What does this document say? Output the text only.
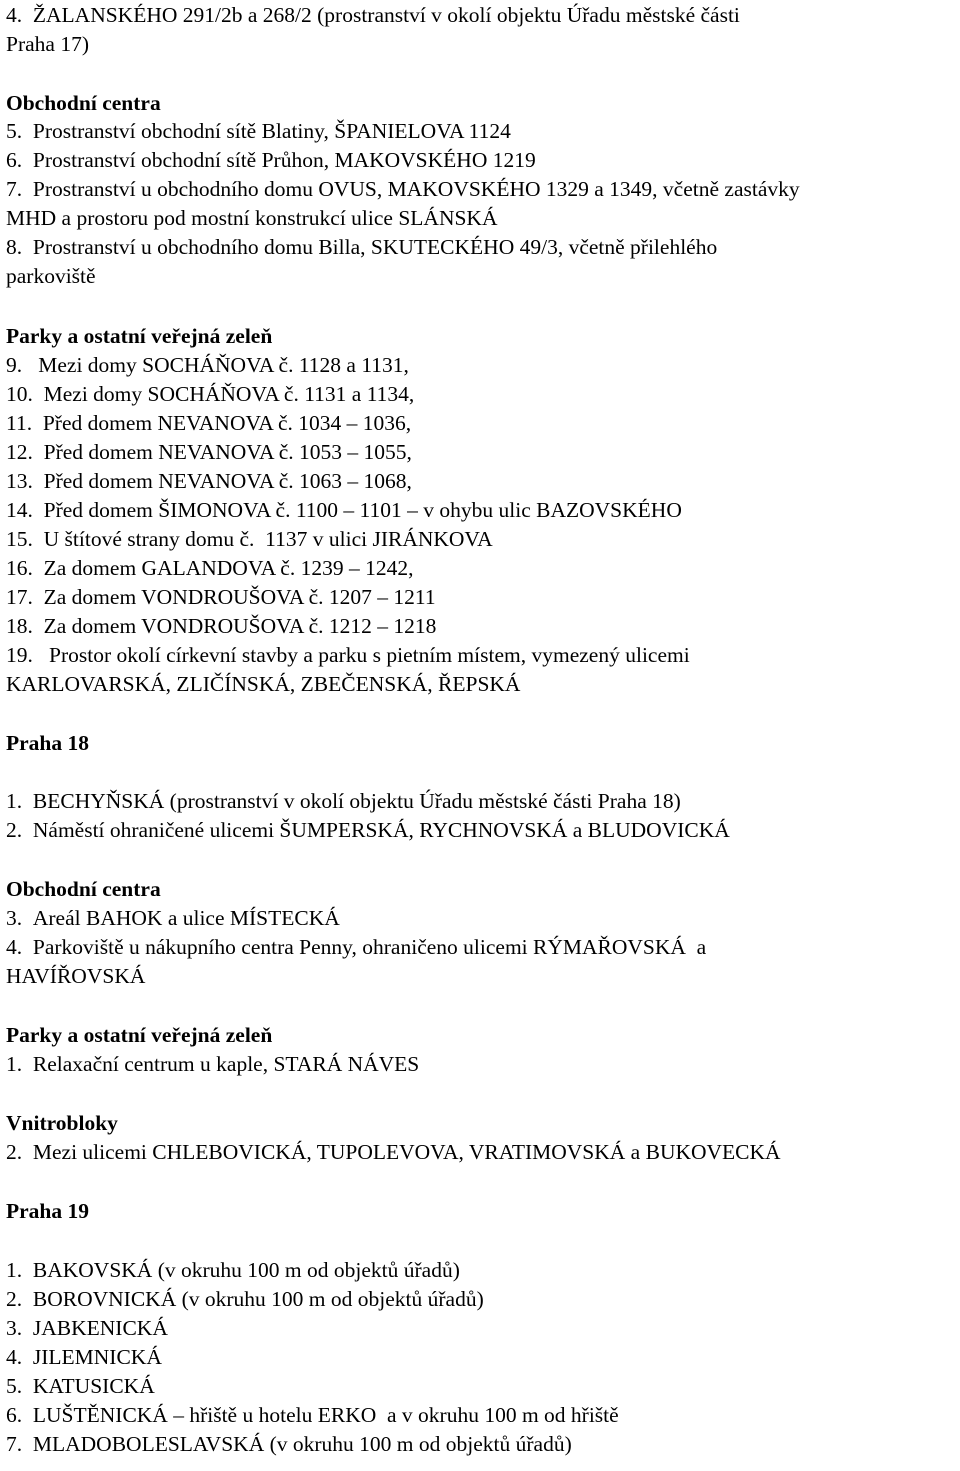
4.  ŽALANSKÉHO 291/2b a 268/2 (prostranství v okolí objektu Úřadu městské části
Praha 17)
Obchodní centra
5.  Prostranství obchodní sítě Blatiny, ŠPANIELOVA 1124
6.  Prostranství obchodní sítě Průhon, MAKOVSKÉHO 1219
7.  Prostranství u obchodního domu OVUS, MAKOVSKÉHO 1329 a 1349, včetně zastávky
MHD a prostoru pod mostní konstrukcí ulice SLÁNSKÁ
8.  Prostranství u obchodního domu Billa, SKUTECKÉHO 49/3, včetně přilehlého
parkoviště
Parky a ostatní veřejná zeleň
9.   Mezi domy SOCHÁŇOVA č. 1128 a 1131,
10.  Mezi domy SOCHÁŇOVA č. 1131 a 1134,
11.  Před domem NEVANOVA č. 1034 – 1036,
12.  Před domem NEVANOVA č. 1053 – 1055,
13.  Před domem NEVANOVA č. 1063 – 1068,
14.  Před domem ŠIMONOVA č. 1100 – 1101 – v ohybu ulic BAZOVSKÉHO
15.  U štítové strany domu č.  1137 v ulici JIRÁNKOVA
16.  Za domem GALANDOVA č. 1239 – 1242,
17.  Za domem VONDROUŠOVA č. 1207 – 1211
18.  Za domem VONDROUŠOVA č. 1212 – 1218
19.   Prostor okolí církevní stavby a parku s pietním místem, vymezený ulicemi
KARLOVARSKÁ, ZLIČÍNSKÁ, ZBEČENSKÁ, ŘEPSKÁ
Praha 18
1.  BECHYŇSKÁ (prostranství v okolí objektu Úřadu městské části Praha 18)
2.  Náměstí ohraničené ulicemi ŠUMPERSKÁ, RYCHNOVSKÁ a BLUDOVICKÁ
Obchodní centra
3.  Areál BAHOK a ulice MÍSTECKÁ
4.  Parkoviště u nákupního centra Penny, ohraničeno ulicemi RÝMAŘOVSKÁ  a
HAVÍŘOVSKÁ
Parky a ostatní veřejná zeleň
1.  Relaxační centrum u kaple, STARÁ NÁVES
Vnitrobloky
2.  Mezi ulicemi CHLEBOVICKÁ, TUPOLEVOVA, VRATIMOVSKÁ a BUKOVECKÁ
Praha 19
1.  BAKOVSKÁ (v okruhu 100 m od objektů úřadů)
2.  BOROVNICKÁ (v okruhu 100 m od objektů úřadů)
3.  JABKENICKÁ
4.  JILEMNICKÁ
5.  KATUSICKÁ
6.  LUŠTĚNICKÁ – hřiště u hotelu ERKO  a v okruhu 100 m od hřiště
7.  MLADOBOLESLAVSKÁ (v okruhu 100 m od objektů úřadů)
